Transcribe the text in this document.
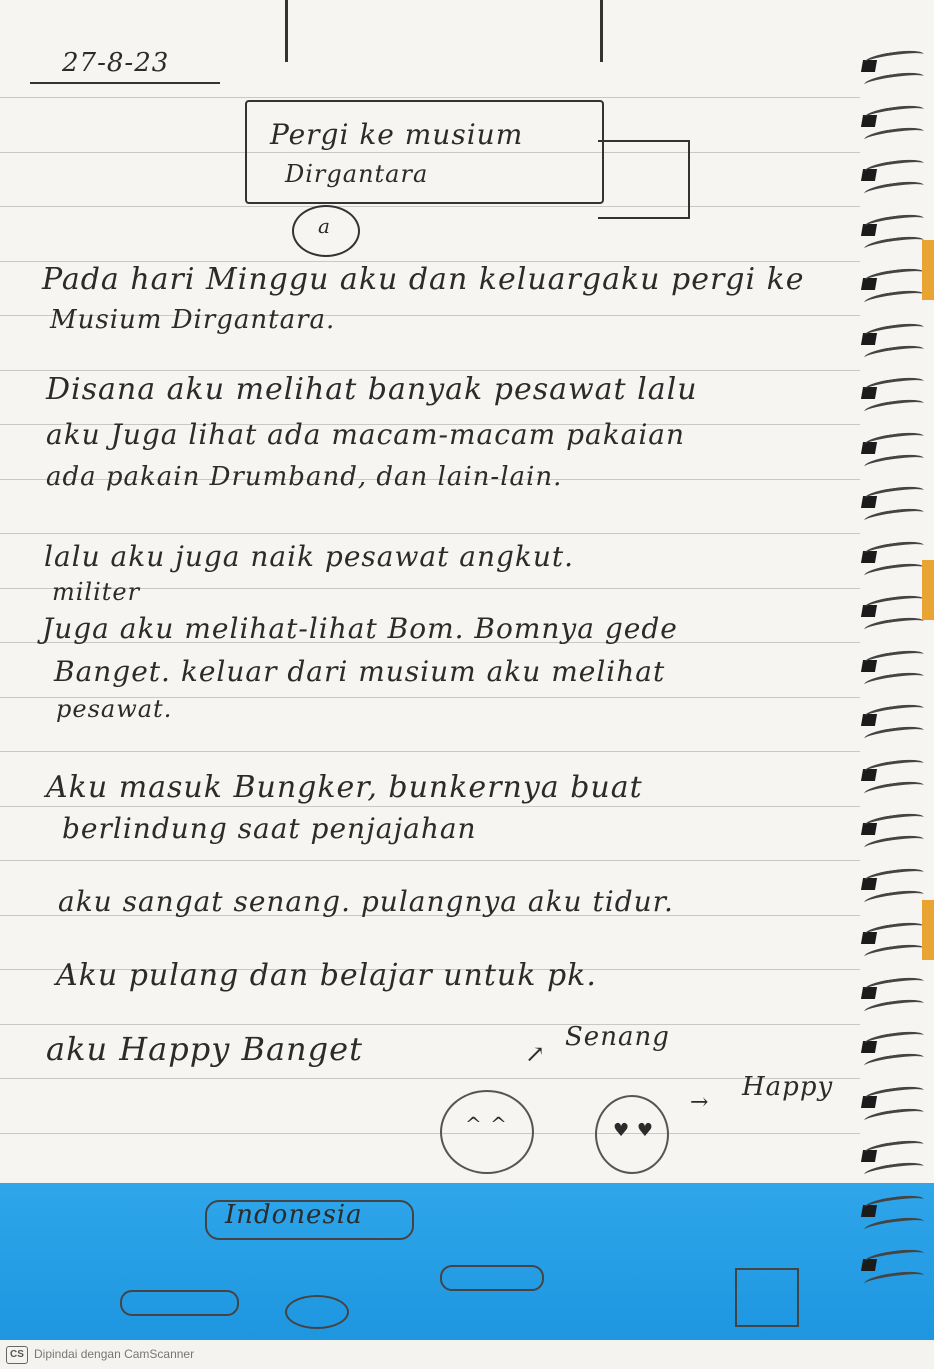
27-8-23
Pergi ke musium
Dirgantara
a
Pada hari Minggu aku dan keluargaku pergi ke
Musium Dirgantara.
Disana aku melihat banyak pesawat lalu
aku Juga lihat ada macam-macam pakaian
ada pakain Drumband, dan lain-lain.
lalu aku juga naik pesawat angkut.
militer
Juga aku melihat-lihat Bom. Bomnya gede
Banget. keluar dari musium aku melihat
pesawat.
Aku masuk Bungker, bunkernya buat
berlindung saat penjajahan
aku sangat senang. pulangnya aku tidur.
Aku pulang dan belajar untuk pk.
aku Happy Banget	Senang
↗
Happy
→
^ ^	♥ ♥
Indonesia
CS Dipindai dengan CamScanner
